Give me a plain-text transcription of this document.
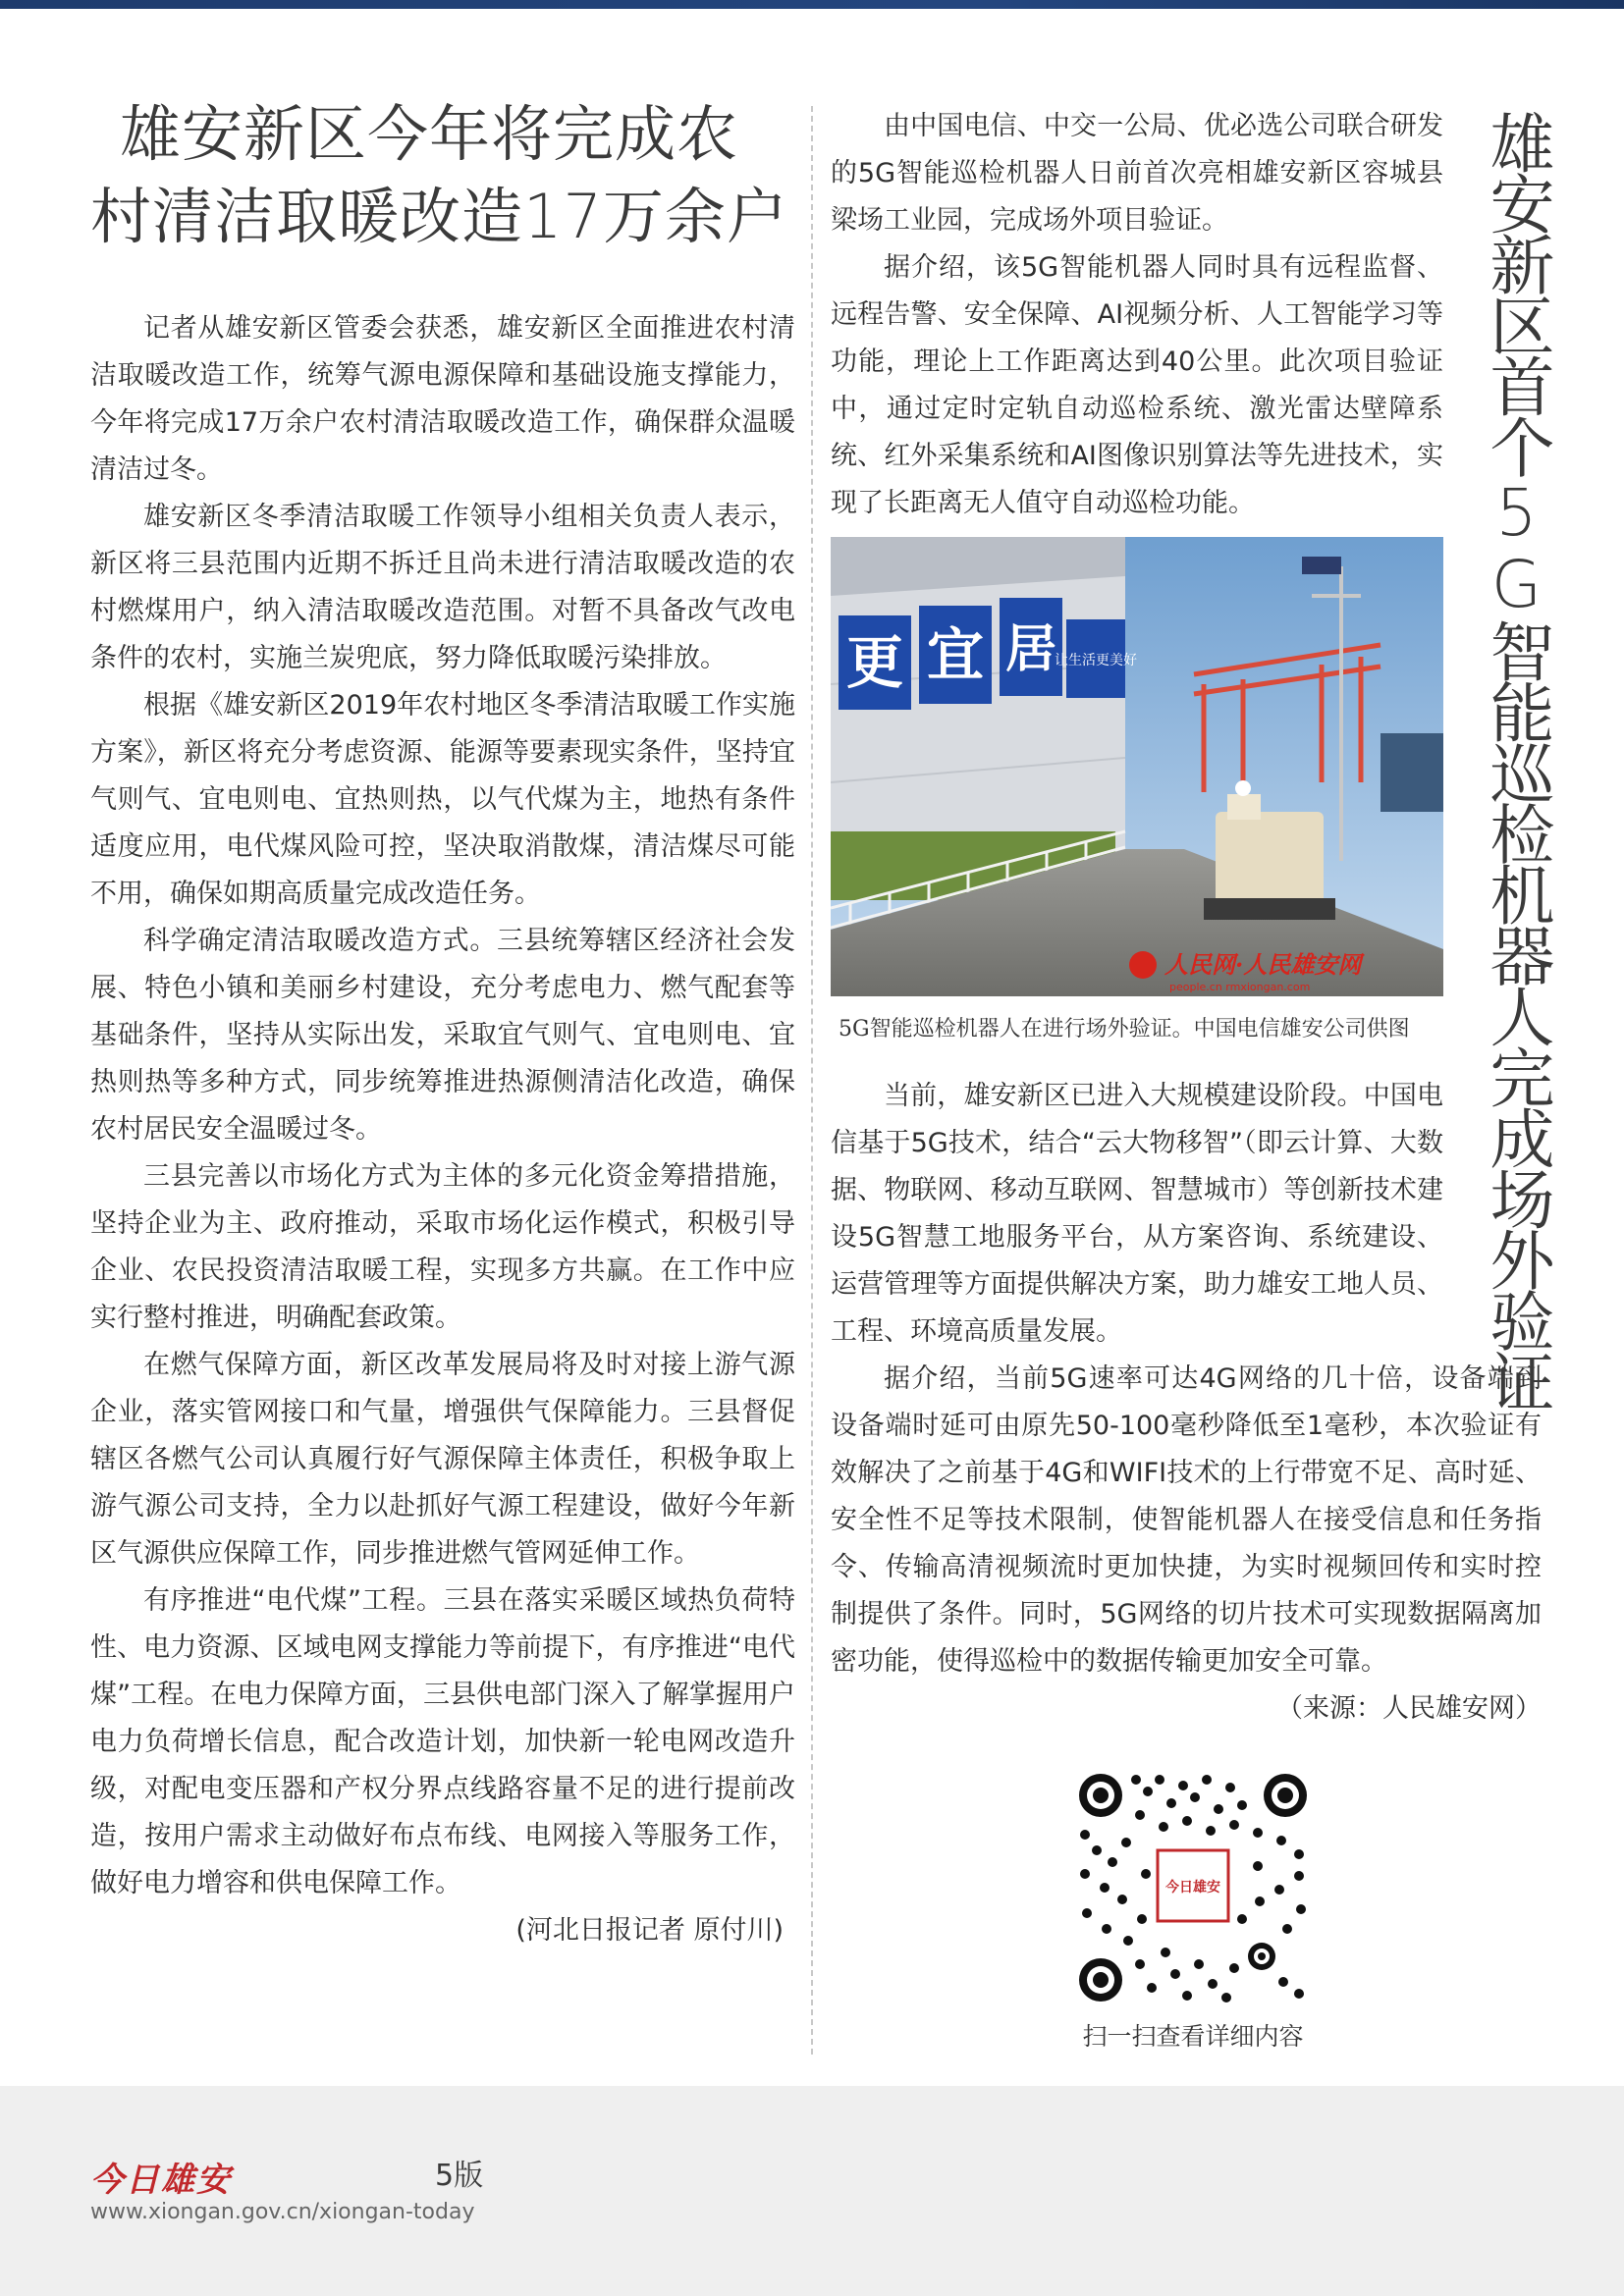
雄安新区今年将完成农
村清洁取暖改造17万余户

记者从雄安新区管委会获悉，雄安新区全面推进农村清洁取暖改造工作，统筹气源电源保障和基础设施支撑能力，今年将完成17万余户农村清洁取暖改造工作，确保群众温暖清洁过冬。

雄安新区冬季清洁取暖工作领导小组相关负责人表示，新区将三县范围内近期不拆迁且尚未进行清洁取暖改造的农村燃煤用户，纳入清洁取暖改造范围。对暂不具备改气改电条件的农村，实施兰炭兜底，努力降低取暖污染排放。

根据《雄安新区2019年农村地区冬季清洁取暖工作实施方案》，新区将充分考虑资源、能源等要素现实条件，坚持宜气则气、宜电则电、宜热则热，以气代煤为主，地热有条件适度应用，电代煤风险可控，坚决取消散煤，清洁煤尽可能不用，确保如期高质量完成改造任务。

科学确定清洁取暖改造方式。三县统筹辖区经济社会发展、特色小镇和美丽乡村建设，充分考虑电力、燃气配套等基础条件，坚持从实际出发，采取宜气则气、宜电则电、宜热则热等多种方式，同步统筹推进热源侧清洁化改造，确保农村居民安全温暖过冬。

三县完善以市场化方式为主体的多元化资金筹措措施，坚持企业为主、政府推动，采取市场化运作模式，积极引导企业、农民投资清洁取暖工程，实现多方共赢。在工作中应实行整村推进，明确配套政策。

在燃气保障方面，新区改革发展局将及时对接上游气源企业，落实管网接口和气量，增强供气保障能力。三县督促辖区各燃气公司认真履行好气源保障主体责任，积极争取上游气源公司支持，全力以赴抓好气源工程建设，做好今年新区气源供应保障工作，同步推进燃气管网延伸工作。

有序推进“电代煤”工程。三县在落实采暖区域热负荷特性、电力资源、区域电网支撑能力等前提下，有序推进“电代煤”工程。在电力保障方面，三县供电部门深入了解掌握用户电力负荷增长信息，配合改造计划，加快新一轮电网改造升级，对配电变压器和产权分界点线路容量不足的进行提前改造，按用户需求主动做好布点布线、电网接入等服务工作，做好电力增容和供电保障工作。

(河北日报记者 原付川)

由中国电信、中交一公局、优必选公司联合研发的5G智能巡检机器人日前首次亮相雄安新区容城县梁场工业园，完成场外项目验证。

据介绍，该5G智能机器人同时具有远程监督、远程告警、安全保障、AI视频分析、人工智能学习等功能，理论上工作距离达到40公里。此次项目验证中，通过定时定轨自动巡检系统、激光雷达壁障系统、红外采集系统和AI图像识别算法等先进技术，实现了长距离无人值守自动巡检功能。

更 宜 居
让生活更美好
人民网·人民雄安网
people.cn rmxiongan.com

5G智能巡检机器人在进行场外验证。中国电信雄安公司供图

当前，雄安新区已进入大规模建设阶段。中国电信基于5G技术，结合“云大物移智”（即云计算、大数据、物联网、移动互联网、智慧城市）等创新技术建设5G智慧工地服务平台，从方案咨询、系统建设、运营管理等方面提供解决方案，助力雄安工地人员、工程、环境高质量发展。

据介绍，当前5G速率可达4G网络的几十倍，设备端到设备端时延可由原先50-100毫秒降低至1毫秒，本次验证有效解决了之前基于4G和WIFI技术的上行带宽不足、高时延、安全性不足等技术限制，使智能机器人在接受信息和任务指令、传输高清视频流时更加快捷，为实时视频回传和实时控制提供了条件。同时，5G网络的切片技术可实现数据隔离加密功能，使得巡检中的数据传输更加安全可靠。

（来源：人民雄安网）

雄安新区首个5G智能巡检机器人完成场外验证
今日雄安
扫一扫查看详细内容
今日雄安	5版
www.xiongan.gov.cn/xiongan-today
